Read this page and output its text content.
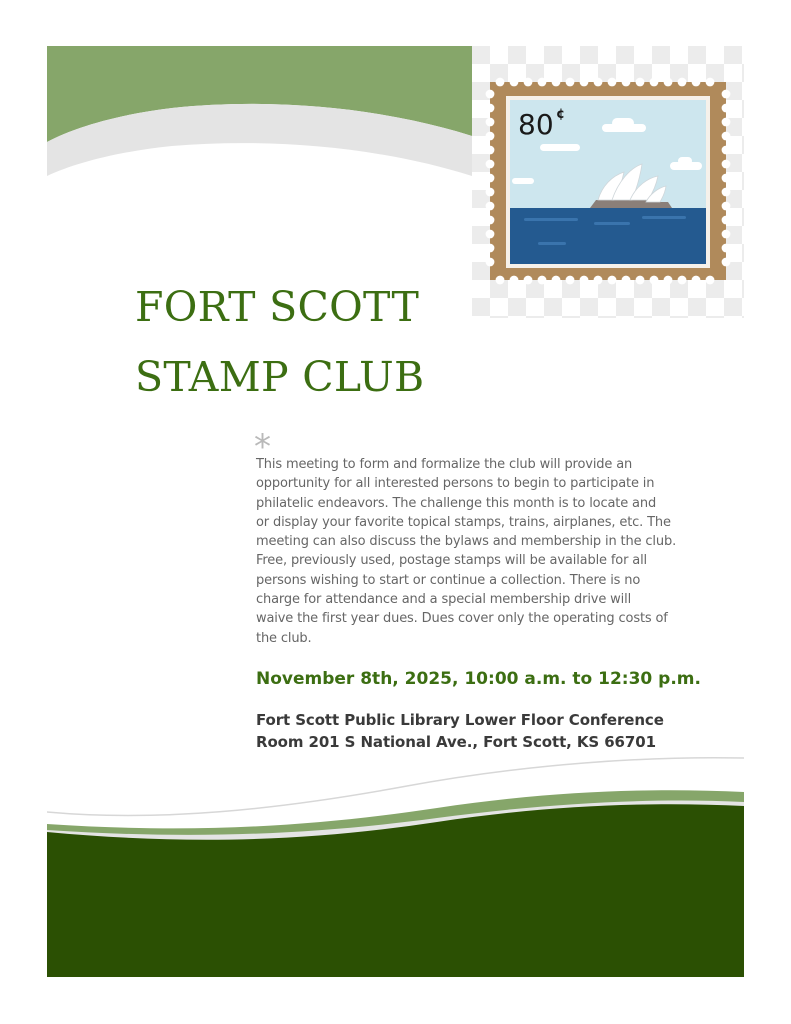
80 ¢
FORT SCOTT
STAMP CLUB
*

This meeting to form and formalize the club will provide an
opportunity for all interested persons to begin to participate in
philatelic endeavors. The challenge this month is to locate and
or display your favorite topical stamps, trains, airplanes, etc. The
meeting can also discuss the bylaws and membership in the club.
Free, previously used, postage stamps will be available for all
persons wishing to start or continue a collection. There is no
charge for attendance and a special membership drive will
waive the first year dues. Dues cover only the operating costs of
the club.

November 8th, 2025, 10:00 a.m. to 12:30 p.m.

Fort Scott Public Library Lower Floor Conference
Room 201 S National Ave., Fort Scott, KS 66701
